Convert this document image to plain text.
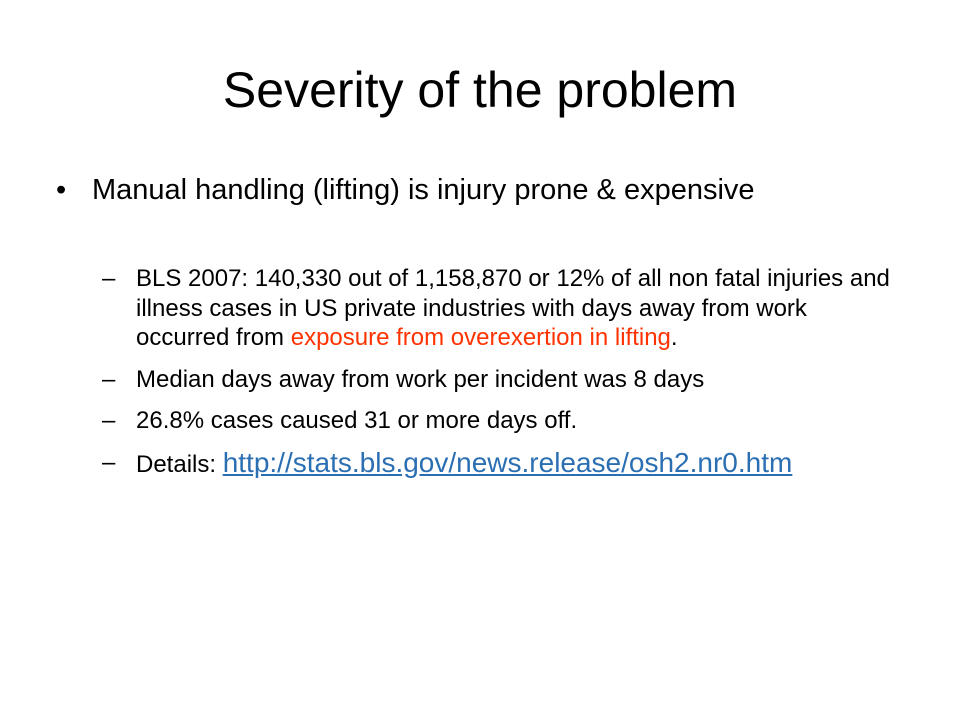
Severity of the problem
• Manual handling (lifting) is injury prone & expensive
– BLS 2007: 140,330 out of 1,158,870 or 12% of all non fatal injuries and illness cases in US private industries with days away from work occurred from exposure from overexertion in lifting.
– Median days away from work per incident was 8 days
– 26.8% cases caused 31 or more days off.
– Details: http://stats.bls.gov/news.release/osh2.nr0.htm
